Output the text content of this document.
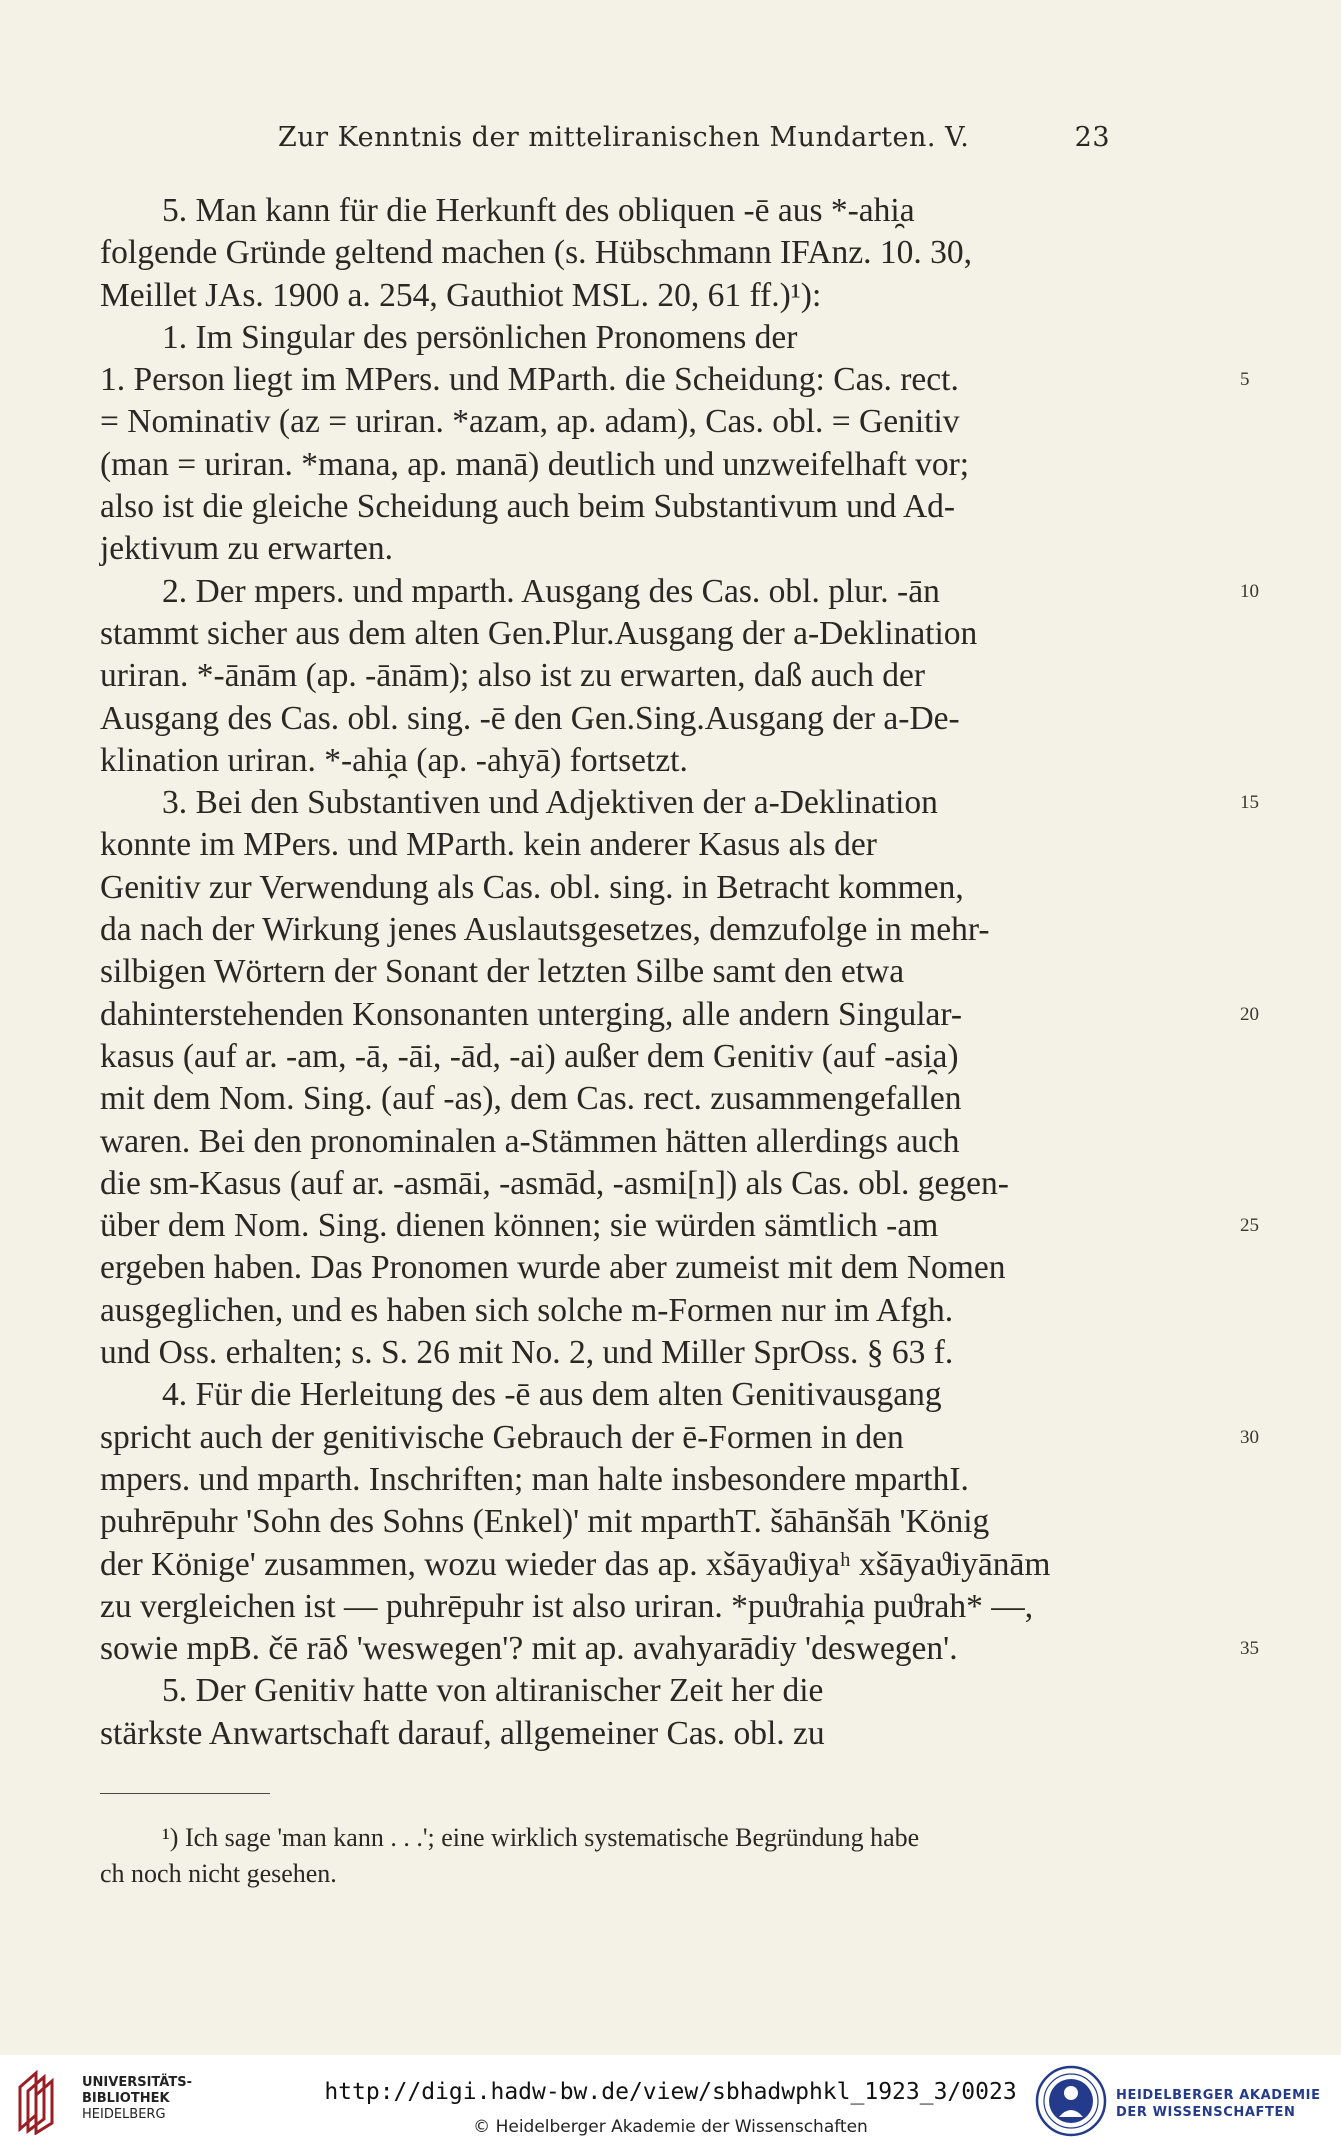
Zur Kenntnis der mitteliranischen Mundarten. V.	23
5. Man kann für die Herkunft des obliquen -ē aus *-ahi̯a
folgende Gründe geltend machen (s. Hübschmann IFAnz. 10. 30,
Meillet JAs. 1900 a. 254, Gauthiot MSL. 20, 61 ff.)¹):
1. Im Singular des persönlichen Pronomens der
1. Person liegt im MPers. und MParth. die Scheidung: Cas. rect.	5
= Nominativ (az = uriran. *azam, ap. adam), Cas. obl. = Genitiv
(man = uriran. *mana, ap. manā) deutlich und unzweifelhaft vor;
also ist die gleiche Scheidung auch beim Substantivum und Ad-
jektivum zu erwarten.
2. Der mpers. und mparth. Ausgang des Cas. obl. plur. -ān	10
stammt sicher aus dem alten Gen.Plur.Ausgang der a-Deklination
uriran. *-ānām (ap. -ānām); also ist zu erwarten, daß auch der
Ausgang des Cas. obl. sing. -ē den Gen.Sing.Ausgang der a-De-
klination uriran. *-ahi̯a (ap. -ahyā) fortsetzt.
3. Bei den Substantiven und Adjektiven der a-Deklination	15
konnte im MPers. und MParth. kein anderer Kasus als der
Genitiv zur Verwendung als Cas. obl. sing. in Betracht kommen,
da nach der Wirkung jenes Auslautsgesetzes, demzufolge in mehr-
silbigen Wörtern der Sonant der letzten Silbe samt den etwa
dahinterstehenden Konsonanten unterging, alle andern Singular-	20
kasus (auf ar. -am, -ā, -āi, -ād, -ai) außer dem Genitiv (auf -asi̯a)
mit dem Nom. Sing. (auf -as), dem Cas. rect. zusammengefallen
waren. Bei den pronominalen a-Stämmen hätten allerdings auch
die sm-Kasus (auf ar. -asmāi, -asmād, -asmi[n]) als Cas. obl. gegen-
über dem Nom. Sing. dienen können; sie würden sämtlich -am	25
ergeben haben. Das Pronomen wurde aber zumeist mit dem Nomen
ausgeglichen, und es haben sich solche m-Formen nur im Afgh.
und Oss. erhalten; s. S. 26 mit No. 2, und Miller SprOss. § 63 f.
4. Für die Herleitung des -ē aus dem alten Genitivausgang
spricht auch der genitivische Gebrauch der ē-Formen in den	30
mpers. und mparth. Inschriften; man halte insbesondere mparthI.
puhrēpuhr 'Sohn des Sohns (Enkel)' mit mparthT. šāhānšāh 'König
der Könige' zusammen, wozu wieder das ap. xšāyaϑiyaʰ xšāyaϑiyānām
zu vergleichen ist — puhrēpuhr ist also uriran. *puϑrahi̯a puϑrah* —,
sowie mpB. čē rāδ 'weswegen'? mit ap. avahyarādiy 'deswegen'.	35
5. Der Genitiv hatte von altiranischer Zeit her die
stärkste Anwartschaft darauf, allgemeiner Cas. obl. zu
¹) Ich sage 'man kann . . .'; eine wirklich systematische Begründung habe
ch noch nicht gesehen.
UNIVERSITÄTS-
BIBLIOTHEK
HEIDELBERG
http://digi.hadw-bw.de/view/sbhadwphkl_1923_3/0023
© Heidelberger Akademie der Wissenschaften
HEIDELBERGER AKADEMIE
DER WISSENSCHAFTEN
